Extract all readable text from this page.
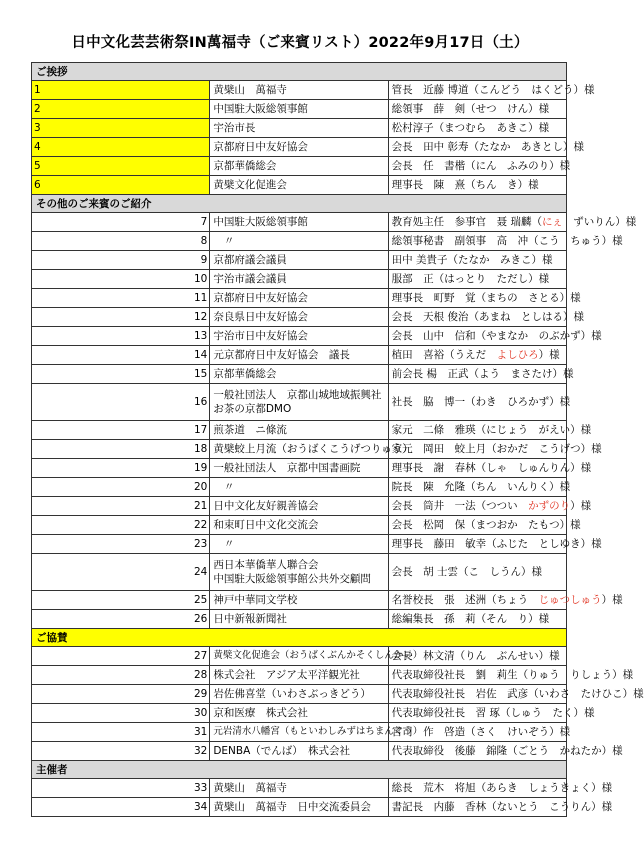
日中文化芸芸術祭IN萬福寺（ご来賓リスト）2022年9月17日（土）
ご挨拶		
1	黄檗山　萬福寺	管長　近藤 博道（こんどう　はくどう）様
2	中国駐大阪総領事館	総領事　薛　剣（せつ　けん）様
3	宇治市長	松村淳子（まつむら　あきこ）様
4	京都府日中友好協会	会長　田中 彰寿（たなか　あきとし）様
5	京都華僑総会	会長　任　書楷（にん　ふみのり）様
6	黄檗文化促進会	理事長　陳　熹（ちん　き）様
その他のご来賓のご紹介		
7	中国駐大阪総領事館	教育処主任　参事官　聂 瑞麟（にぇ　ずいりん）様
8	　〃	総領事秘書　副領事　高　冲（こう　ちゅう）様
9	京都府議会議員	田中 美貴子（たなか　みきこ）様
10	宇治市議会議員	服部　正（はっとり　ただし）様
11	京都府日中友好協会	理事長　町野　覚（まちの　さとる）様
12	奈良県日中友好協会	会長　天根 俊治（あまね　としはる）様
13	宇治市日中友好協会	会長　山中　信和（やまなか　のぶかず）様
14	元京都府日中友好協会　議長	植田　喜裕（うえだ　よしひろ）様
15	京都華僑総会	前会長 楊　正武（よう　まさたけ）様
16	一般社団法人　京都山城地域振興社
お茶の京都DMO	社長　脇　博一（わき　ひろかず）様
17	煎茶道　ニ條流	家元　二條　雅瑛（にじょう　がえい）様
18	黄檗蛟上月流（おうばくこうげつりゅう）	家元　岡田　蛟上月（おかだ　こうげつ）様
19	一般社団法人　京都中国書画院	理事長　謝　春林（しゃ　しゅんりん）様
20	　〃	院長　陳　允隆（ちん　いんりく）様
21	日中文化友好親善協会	会長　筒井　一法（つつい　かずのり）様
22	和束町日中文化交流会	会長　松岡　保（まつおか　たもつ）様
23	　〃	理事長　藤田　敏幸（ふじた　としゆき）様
24	西日本華僑華人聯合会
中国駐大阪総領事館公共外交顧問	会長　胡 士雲（こ　しうん）様
25	神戸中華同文学校	名誉校長　張　述洲（ちょう　じゅつしゅう）様
26	日中新報新聞社	総編集長　孫　莉（そん　り）様
ご協賛		
27	黄檗文化促進会（おうばくぶんかそくしんかい）	会長　林文清（りん　ぶんせい）様
28	株式会社　アジア太平洋観光社	代表取締役社長　劉　莉生（りゅう　りしょう）様
29	岩佐佛喜堂（いわさぶっきどう）	代表取締役社長　岩佐　武彦（いわさ　たけひこ）様
30	京和医療　株式会社	代表取締役社長　習 琢（しゅう　たく）様
31	元岩清水八幡宮（もといわしみずはちまんぐう）	宮司　作　啓造（さく　けいぞう）様
32	DENBA（でんば）　株式会社	代表取締役　後藤　錦隆（ごとう　かねたか）様
主催者		
33	黄檗山　萬福寺	総長　荒木　将旭（あらき　しょうきょく）様
34	黄檗山　萬福寺　日中交流委員会	書記長　内藤　香林（ないとう　こうりん）様
